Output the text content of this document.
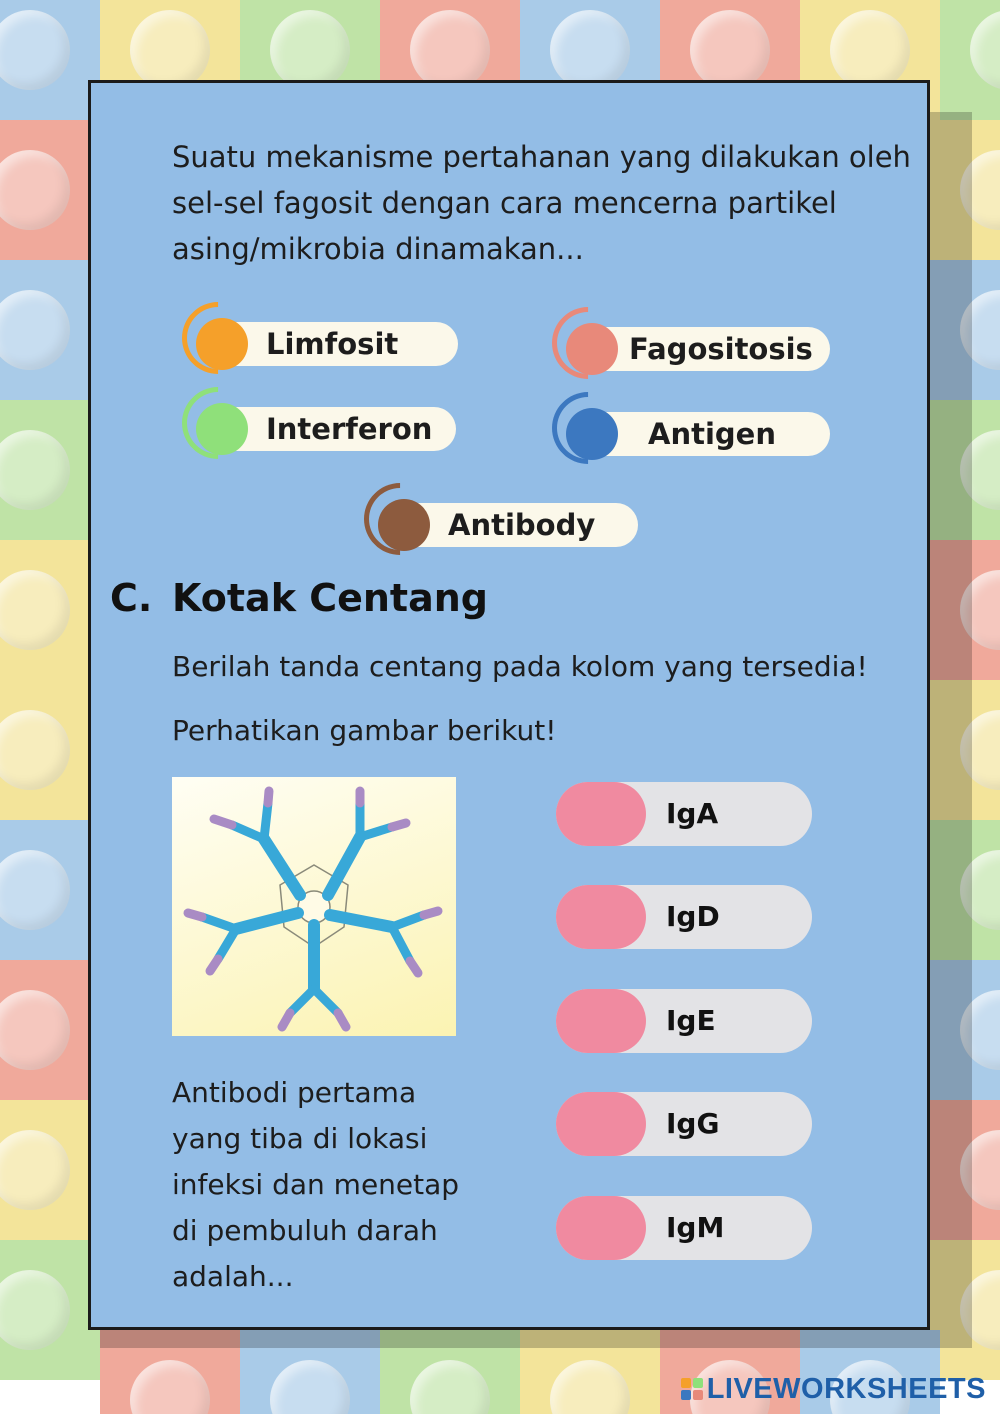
Suatu mekanisme pertahanan yang dilakukan oleh sel-sel fagosit dengan cara mencerna partikel asing/mikrobia dinamakan...
Limfosit	Fagositosis
Interferon	Antigen
Antibody
C. Kotak Centang
Berilah tanda centang pada kolom yang tersedia!
Perhatikan gambar berikut!
Antibodi pertama yang tiba di lokasi infeksi dan menetap di pembuluh darah adalah...
IgA
IgD
IgE
IgG
IgM
LIVEWORKSHEETS
